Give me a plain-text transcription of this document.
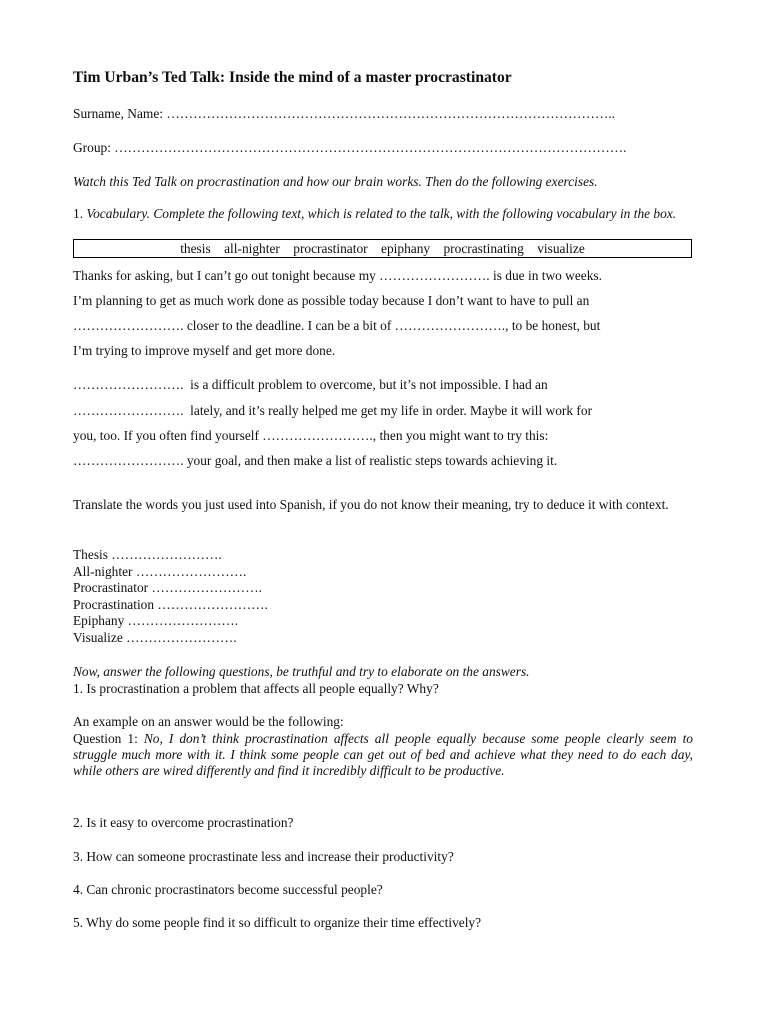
Tim Urban’s Ted Talk: Inside the mind of a master procrastinator
Surname, Name: ………………………………………………………………………………………..
Group: …………………………………………………………………………………………………….
Watch this Ted Talk on procrastination and how our brain works. Then do the following exercises.
1. Vocabulary. Complete the following text, which is related to the talk, with the following vocabulary in the box.
thesis    all-nighter    procrastinator    epiphany    procrastinating    visualize
Thanks for asking, but I can’t go out tonight because my ……………………. is due in two weeks.
I’m planning to get as much work done as possible today because I don’t want to have to pull an
……………………. closer to the deadline. I can be a bit of ……………………., to be honest, but
I’m trying to improve myself and get more done.
…………………….  is a difficult problem to overcome, but it’s not impossible. I had an
…………………….  lately, and it’s really helped me get my life in order. Maybe it will work for
you, too. If you often find yourself ……………………., then you might want to try this:
……………………. your goal, and then make a list of realistic steps towards achieving it.
Translate the words you just used into Spanish, if you do not know their meaning, try to deduce it with context.
Thesis …………………….
All-nighter …………………….
Procrastinator …………………….
Procrastination …………………….
Epiphany …………………….
Visualize …………………….
Now, answer the following questions, be truthful and try to elaborate on the answers.
1. Is procrastination a problem that affects all people equally? Why?
An example on an answer would be the following:
Question 1: No, I don’t think procrastination affects all people equally because some people clearly seem to struggle much more with it. I think some people can get out of bed and achieve what they need to do each day, while others are wired differently and find it incredibly difficult to be productive.
2. Is it easy to overcome procrastination?
3. How can someone procrastinate less and increase their productivity?
4. Can chronic procrastinators become successful people?
5. Why do some people find it so difficult to organize their time effectively?
